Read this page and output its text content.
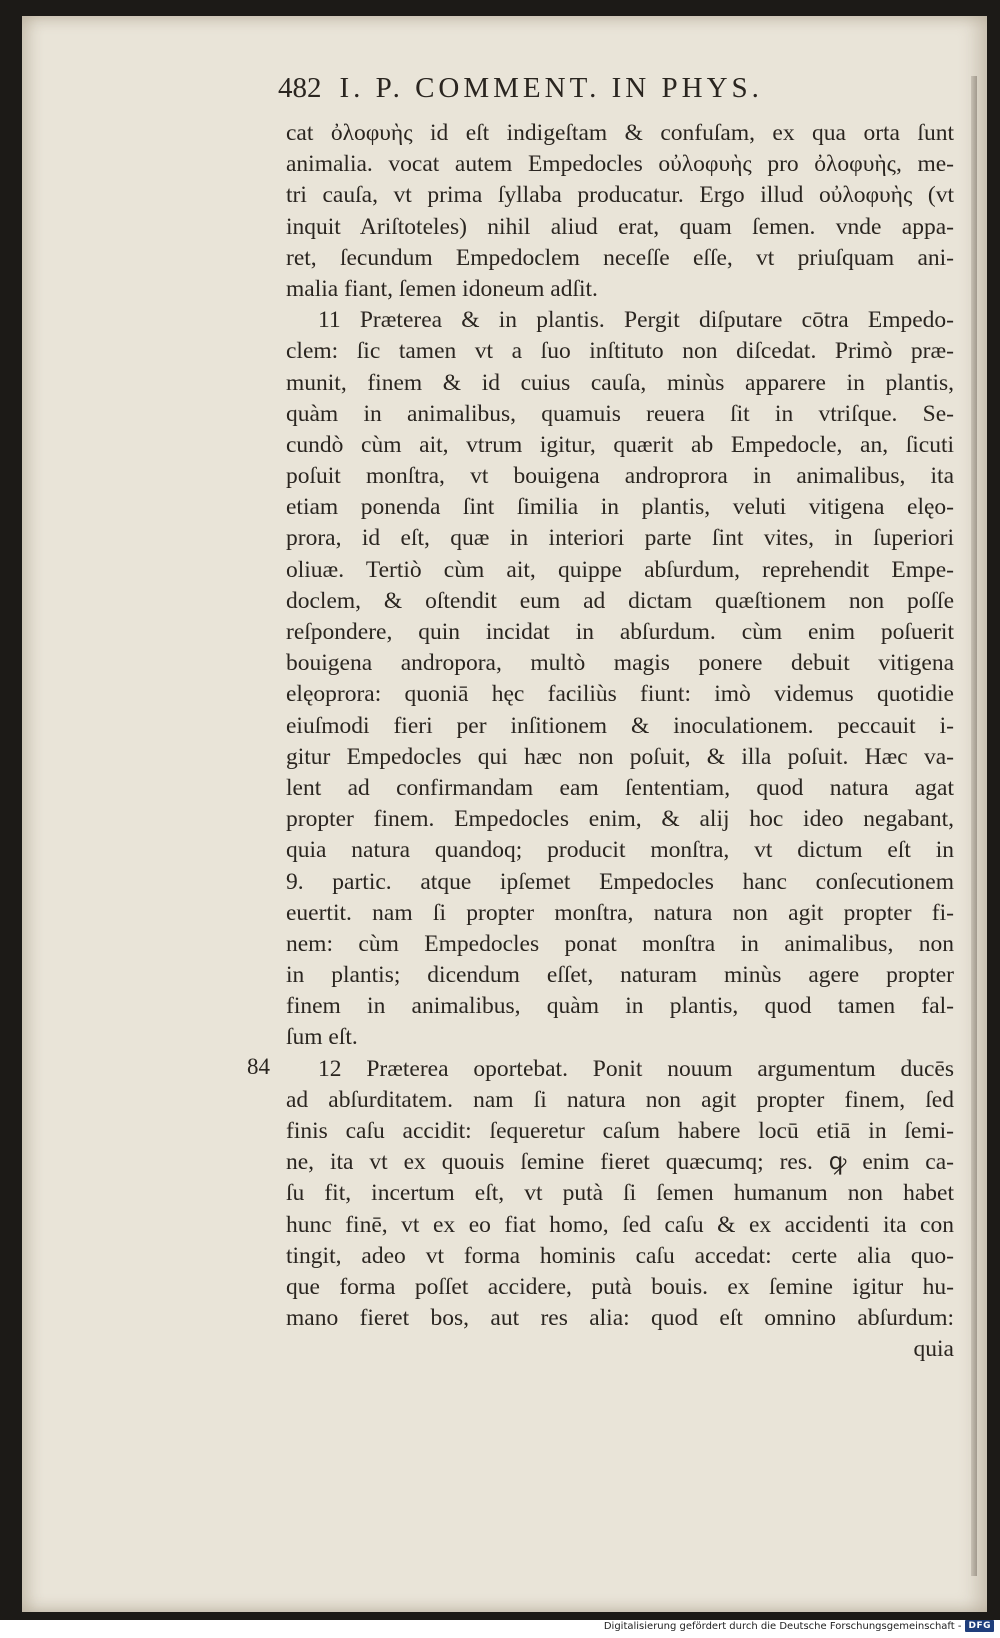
482 I. P. COMMENT. IN PHYS.
84
cat ὀλοφυὴς id eſt indigeſtam & confuſam, ex qua orta ſunt
animalia. vocat autem Empedocles οὐλοφυὴς pro ὀλοφυὴς, me-
tri cauſa, vt prima ſyllaba producatur. Ergo illud οὐλοφυὴς (vt
inquit Ariſtoteles) nihil aliud erat, quam ſemen. vnde appa-
ret, ſecundum Empedoclem neceſſe eſſe, vt priuſquam ani-
malia fiant, ſemen idoneum adſit.
11 Præterea & in plantis. Pergit diſputare cōtra Empedo-
clem: ſic tamen vt a ſuo inſtituto non diſcedat. Primò præ-
munit, finem & id cuius cauſa, minùs apparere in plantis,
quàm in animalibus, quamuis reuera ſit in vtriſque. Se-
cundò cùm ait, vtrum igitur, quærit ab Empedocle, an, ſicuti
poſuit monſtra, vt bouigena androprora in animalibus, ita
etiam ponenda ſint ſimilia in plantis, veluti vitigena elęo-
prora, id eſt, quæ in interiori parte ſint vites, in ſuperiori
oliuæ. Tertiò cùm ait, quippe abſurdum, reprehendit Empe-
doclem, & oſtendit eum ad dictam quæſtionem non poſſe
reſpondere, quin incidat in abſurdum. cùm enim poſuerit
bouigena andropora, multò magis ponere debuit vitigena
elęoprora: quoniā hęc faciliùs fiunt: imò videmus quotidie
eiuſmodi fieri per inſitionem & inoculationem. peccauit i-
gitur Empedocles qui hæc non poſuit, & illa poſuit. Hæc va-
lent ad confirmandam eam ſententiam, quod natura agat
propter finem. Empedocles enim, & alij hoc ideo negabant,
quia natura quandoq; producit monſtra, vt dictum eſt in
9. partic. atque ipſemet Empedocles hanc conſecutionem
euertit. nam ſi propter monſtra, natura non agit propter fi-
nem: cùm Empedocles ponat monſtra in animalibus, non
in plantis; dicendum eſſet, naturam minùs agere propter
finem in animalibus, quàm in plantis, quod tamen fal-
ſum eſt.
12 Præterea oportebat. Ponit nouum argumentum ducēs
ad abſurditatem. nam ſi natura non agit propter finem, ſed
finis caſu accidit: ſequeretur caſum habere locū etiā in ſemi-
ne, ita vt ex quouis ſemine fieret quæcumq; res. ꝙ enim ca-
ſu fit, incertum eſt, vt putà ſi ſemen humanum non habet
hunc finē, vt ex eo fiat homo, ſed caſu & ex accidenti ita con
tingit, adeo vt forma hominis caſu accedat: certe alia quo-
que forma poſſet accidere, putà bouis. ex ſemine igitur hu-
mano fieret bos, aut res alia: quod eſt omnino abſurdum:
quia
Digitalisierung gefördert durch die Deutsche Forschungsgemeinschaft - DFG
